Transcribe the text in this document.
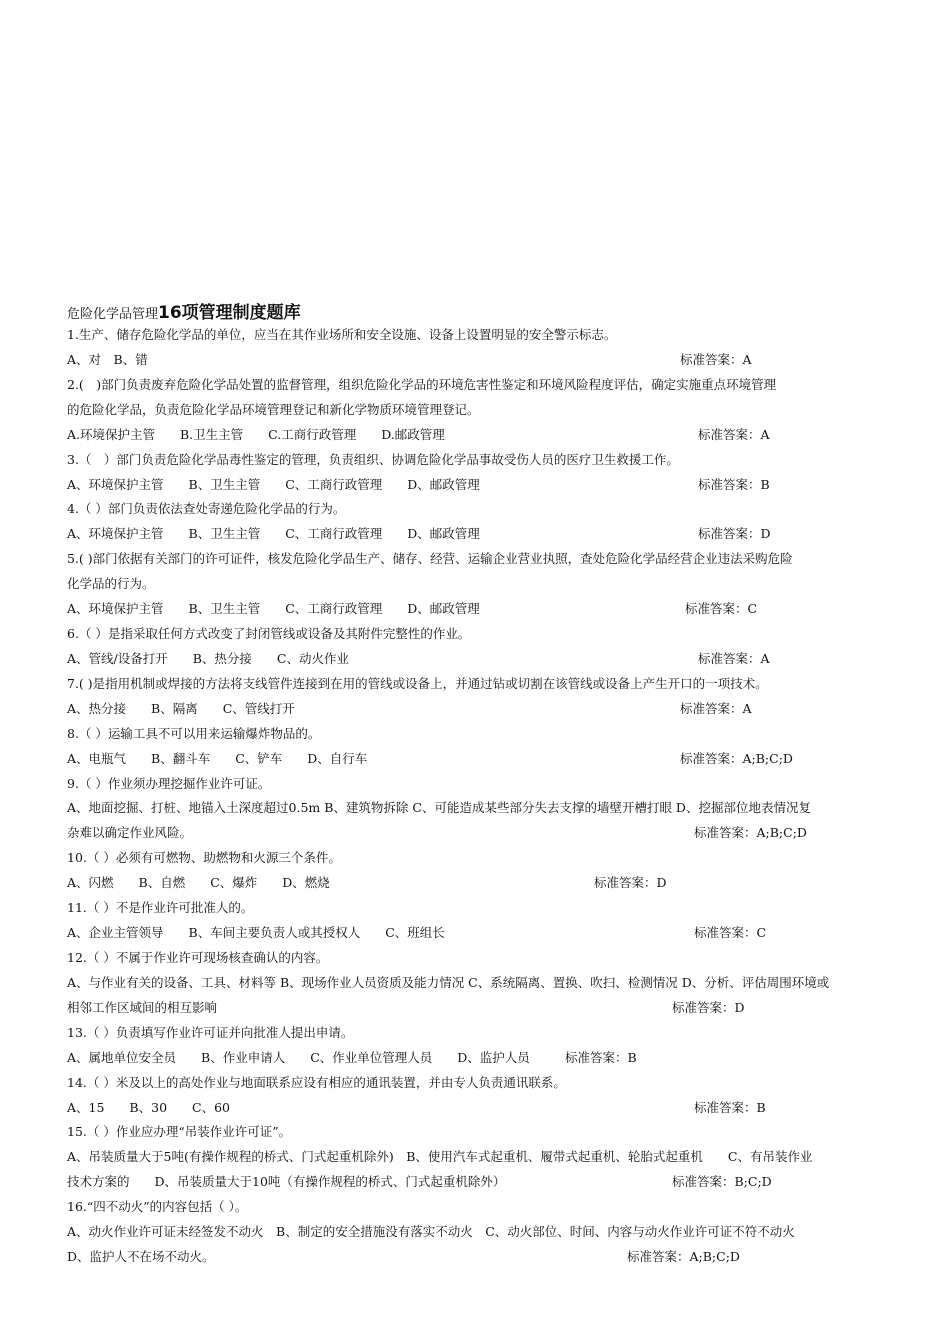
危险化学品管理16项管理制度题库
1.生产、储存危险化学品的单位，应当在其作业场所和安全设施、设备上设置明显的安全警示标志。
A、对　B、错	标准答案：A
2.(　)部门负责废弃危险化学品处置的监督管理，组织危险化学品的环境危害性鉴定和环境风险程度评估，确定实施重点环境管理
的危险化学品，负责危险化学品环境管理登记和新化学物质环境管理登记。
A.环境保护主管　　B.卫生主管　　C.工商行政管理　　D.邮政管理	标准答案：A
3.（　）部门负责危险化学品毒性鉴定的管理，负责组织、协调危险化学品事故受伤人员的医疗卫生救援工作。
A、环境保护主管　　B、卫生主管　　C、工商行政管理　　D、邮政管理	标准答案：B
4.（ ）部门负责依法查处寄递危险化学品的行为。
A、环境保护主管　　B、卫生主管　　C、工商行政管理　　D、邮政管理	标准答案：D
5.( )部门依据有关部门的许可证件，核发危险化学品生产、储存、经营、运输企业营业执照，查处危险化学品经营企业违法采购危险
化学品的行为。
A、环境保护主管　　B、卫生主管　　C、工商行政管理　　D、邮政管理	标准答案：C
6.（ ）是指采取任何方式改变了封闭管线或设备及其附件完整性的作业。
A、管线/设备打开　　B、热分接　　C、动火作业	标准答案：A
7.( )是指用机制或焊接的方法将支线管件连接到在用的管线或设备上，并通过钻或切割在该管线或设备上产生开口的一项技术。
A、热分接　　B、隔离　　C、管线打开	标准答案：A
8.（ ）运输工具不可以用来运输爆炸物品的。
A、电瓶气　　B、翻斗车　　C、铲车　　D、自行车	标准答案：A;B;C;D
9.（ ）作业须办理挖掘作业许可证。
A、地面挖掘、打桩、地锚入土深度超过0.5m B、建筑物拆除 C、可能造成某些部分失去支撑的墙壁开槽打眼 D、挖掘部位地表情况复
杂难以确定作业风险。	标准答案：A;B;C;D
10.（ ）必须有可燃物、助燃物和火源三个条件。
A、闪燃　　B、自燃　　C、爆炸　　D、燃烧	标准答案：D
11.（ ）不是作业许可批准人的。
A、企业主管领导　　B、车间主要负责人或其授权人　　C、班组长	标准答案：C
12.（ ）不属于作业许可现场核查确认的内容。
A、与作业有关的设备、工具、材料等 B、现场作业人员资质及能力情况 C、系统隔离、置换、吹扫、检测情况 D、分析、评估周围环境或
相邻工作区域间的相互影响	标准答案：D
13.（ ）负责填写作业许可证并向批准人提出申请。
A、属地单位安全员　　B、作业申请人　　C、作业单位管理人员　　D、监护人员	标准答案：B
14.（ ）米及以上的高处作业与地面联系应设有相应的通讯装置，并由专人负责通讯联系。
A、15　　B、30　　C、60	标准答案：B
15.（ ）作业应办理“吊装作业许可证”。
A、吊装质量大于5吨(有操作规程的桥式、门式起重机除外)　B、使用汽车式起重机、履带式起重机、轮胎式起重机　　C、有吊装作业
技术方案的　　D、吊装质量大于10吨（有操作规程的桥式、门式起重机除外）	标准答案：B;C;D
16.“四不动火”的内容包括（ ）。
A、动火作业许可证未经签发不动火　B、制定的安全措施没有落实不动火　C、动火部位、时间、内容与动火作业许可证不符不动火
D、监护人不在场不动火。	标准答案：A;B;C;D
